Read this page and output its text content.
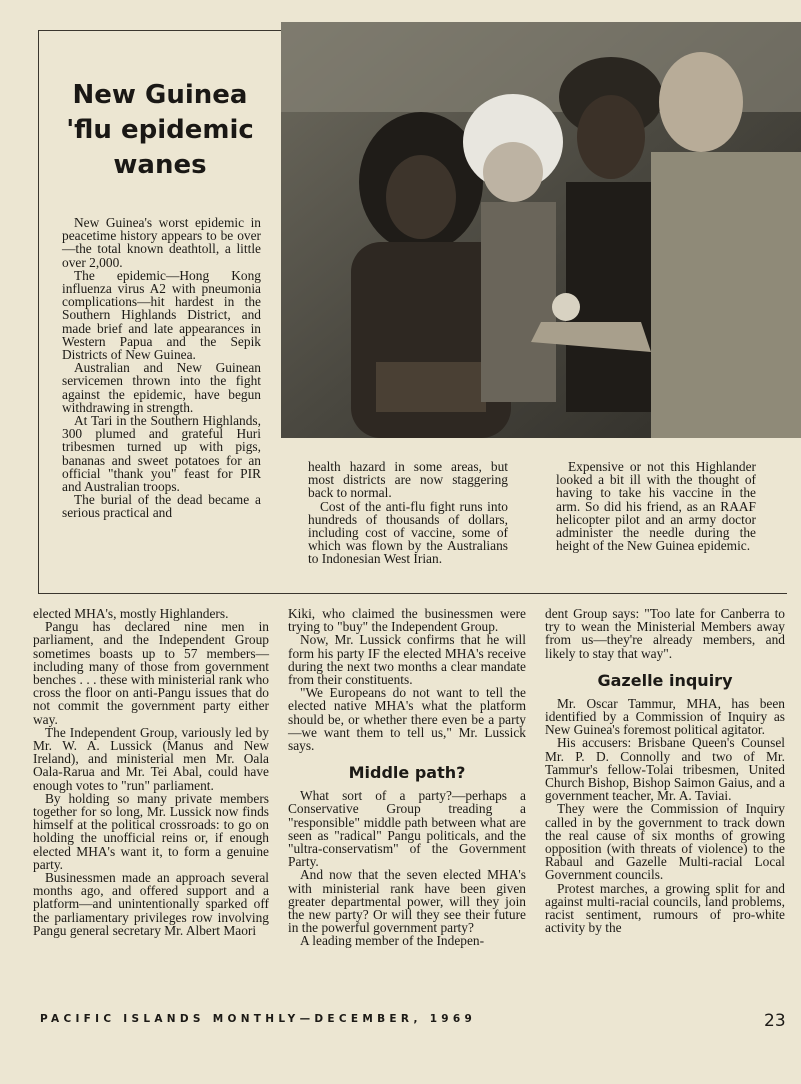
New Guinea
'flu epidemic
wanes

New Guinea's worst epidemic in peacetime history appears to be over—the total known deathtoll, a little over 2,000.

The epidemic—Hong Kong influenza virus A2 with pneumonia complications—hit hardest in the Southern Highlands District, and made brief and late appearances in Western Papua and the Sepik Districts of New Guinea.

Australian and New Guinean servicemen thrown into the fight against the epidemic, have begun withdrawing in strength.

At Tari in the Southern Highlands, 300 plumed and grateful Huri tribesmen turned up with pigs, bananas and sweet potatoes for an official "thank you" feast for PIR and Australian troops.

The burial of the dead became a serious practical and

health hazard in some areas, but most districts are now staggering back to normal.

Cost of the anti-flu fight runs into hundreds of thousands of dollars, including cost of vaccine, some of which was flown by the Australians to Indonesian West Irian.

Expensive or not this Highlander looked a bit ill with the thought of having to take his vaccine in the arm. So did his friend, as an RAAF helicopter pilot and an army doctor administer the needle during the height of the New Guinea epidemic.

elected MHA's, mostly Highlanders.

Pangu has declared nine men in parliament, and the Independent Group sometimes boasts up to 57 members—including many of those from government benches . . . these with ministerial rank who cross the floor on anti-Pangu issues that do not commit the government party either way.

The Independent Group, variously led by Mr. W. A. Lussick (Manus and New Ireland), and ministerial men Mr. Oala Oala-Rarua and Mr. Tei Abal, could have enough votes to "run" parliament.

By holding so many private members together for so long, Mr. Lussick now finds himself at the political crossroads: to go on holding the unofficial reins or, if enough elected MHA's want it, to form a genuine party.

Businessmen made an approach several months ago, and offered support and a platform—and unintentionally sparked off the parliamentary privileges row involving Pangu general secretary Mr. Albert Maori

Kiki, who claimed the businessmen were trying to "buy" the Independent Group.

Now, Mr. Lussick confirms that he will form his party IF the elected MHA's receive during the next two months a clear mandate from their constituents.

"We Europeans do not want to tell the elected native MHA's what the platform should be, or whether there even be a party—we want them to tell us," Mr. Lussick says.

Middle path?

What sort of a party?—perhaps a Conservative Group treading a "responsible" middle path between what are seen as "radical" Pangu politicals, and the "ultra-conservatism" of the Government Party.

And now that the seven elected MHA's with ministerial rank have been given greater departmental power, will they join the new party? Or will they see their future in the powerful government party?

A leading member of the Indepen-

dent Group says: "Too late for Canberra to try to wean the Ministerial Members away from us—they're already members, and likely to stay that way".

Gazelle inquiry

Mr. Oscar Tammur, MHA, has been identified by a Commission of Inquiry as New Guinea's foremost political agitator.

His accusers: Brisbane Queen's Counsel Mr. P. D. Connolly and two of Mr. Tammur's fellow-Tolai tribesmen, United Church Bishop, Bishop Saimon Gaius, and a government teacher, Mr. A. Taviai.

They were the Commission of Inquiry called in by the government to track down the real cause of six months of growing opposition (with threats of violence) to the Rabaul and Gazelle Multi-racial Local Government councils.

Protest marches, a growing split for and against multi-racial councils, land problems, racist sentiment, rumours of pro-white activity by the

PACIFIC ISLANDS MONTHLY—DECEMBER, 1969	23
